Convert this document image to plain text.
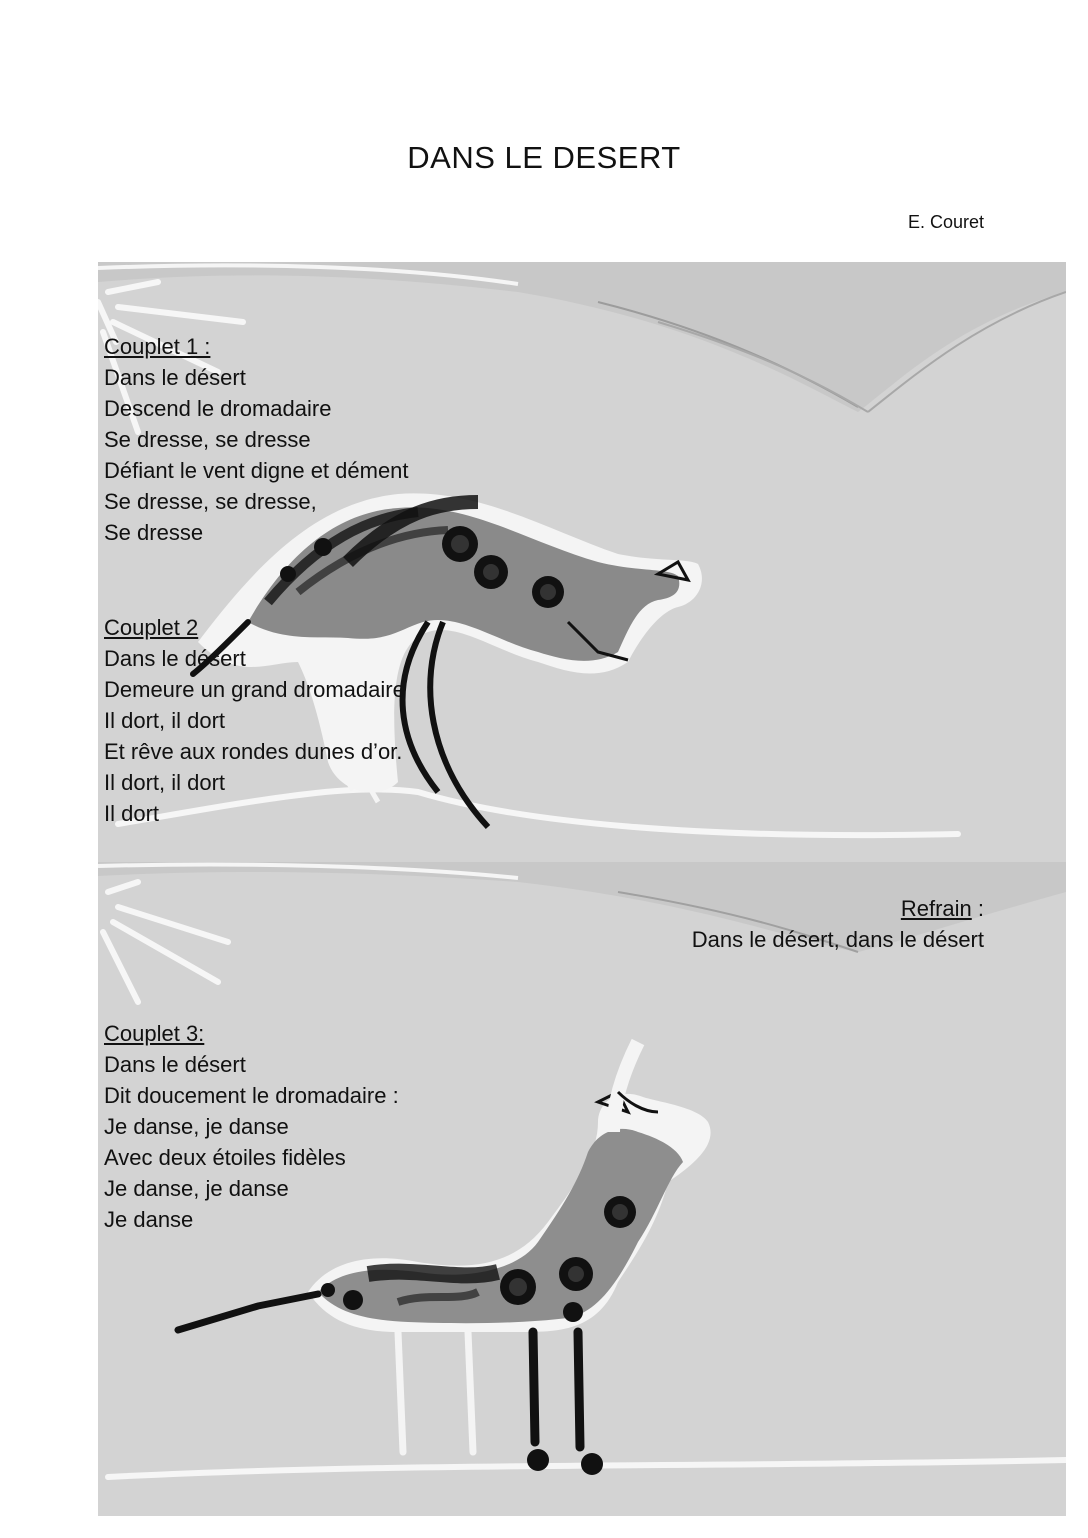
DANS LE DESERT
E. Couret
Couplet 1 :
Dans le désert
Descend le dromadaire
Se dresse, se dresse
Défiant le vent digne et dément
Se dresse, se dresse,
Se dresse
Couplet 2
Dans le désert
Demeure un grand dromadaire
Il dort, il dort
Et rêve aux rondes dunes d’or.
Il dort, il dort
Il dort
Refrain :
Dans le désert, dans le désert
Couplet 3:
Dans le désert
Dit doucement le dromadaire :
Je danse, je danse
Avec deux étoiles fidèles
Je danse, je danse
Je danse
